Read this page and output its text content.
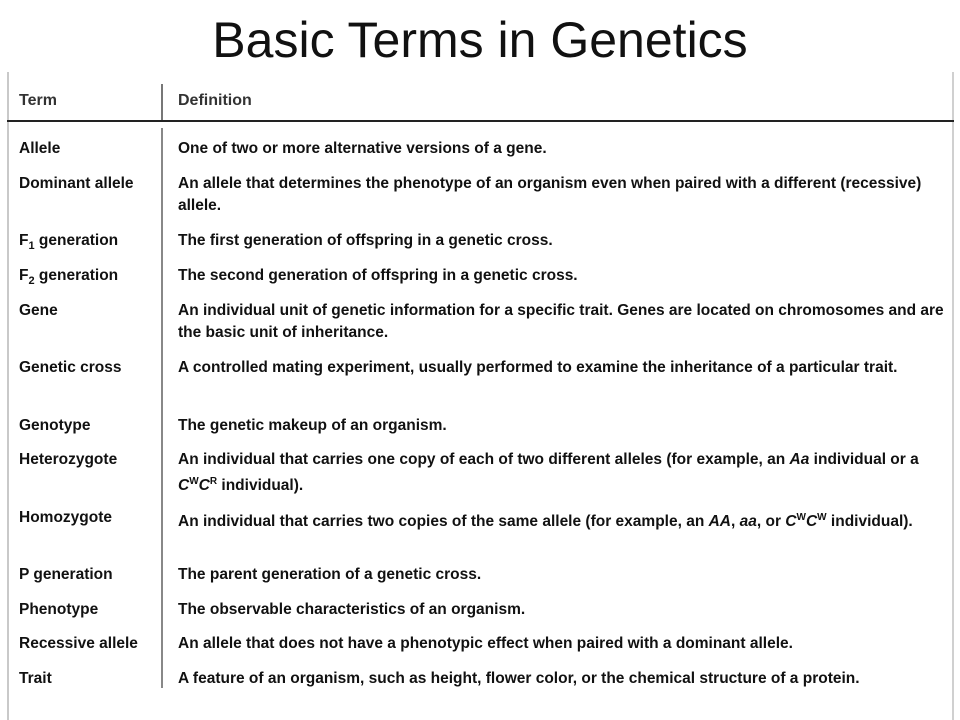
Basic Terms in Genetics
Term	Definition
Allele	One of two or more alternative versions of a gene.
Dominant allele	An allele that determines the phenotype of an organism even when paired with a different (recessive) allele.
$F_1$ generation	The first generation of offspring in a genetic cross.
$F_2$ generation	The second generation of offspring in a genetic cross.
Gene	An individual unit of genetic information for a specific trait. Genes are located on chromosomes and are the basic unit of inheritance.
Genetic cross	A controlled mating experiment, usually performed to examine the inheritance of a particular trait.
Genotype	The genetic makeup of an organism.
Heterozygote	An individual that carries one copy of each of two different alleles (for example, an Aa individual or a $C^WC^R$ individual).
Homozygote	An individual that carries two copies of the same allele (for example, an AA, aa, or $C^WC^W$ individual).
P generation	The parent generation of a genetic cross.
Phenotype	The observable characteristics of an organism.
Recessive allele	An allele that does not have a phenotypic effect when paired with a dominant allele.
Trait	A feature of an organism, such as height, flower color, or the chemical structure of a protein.
